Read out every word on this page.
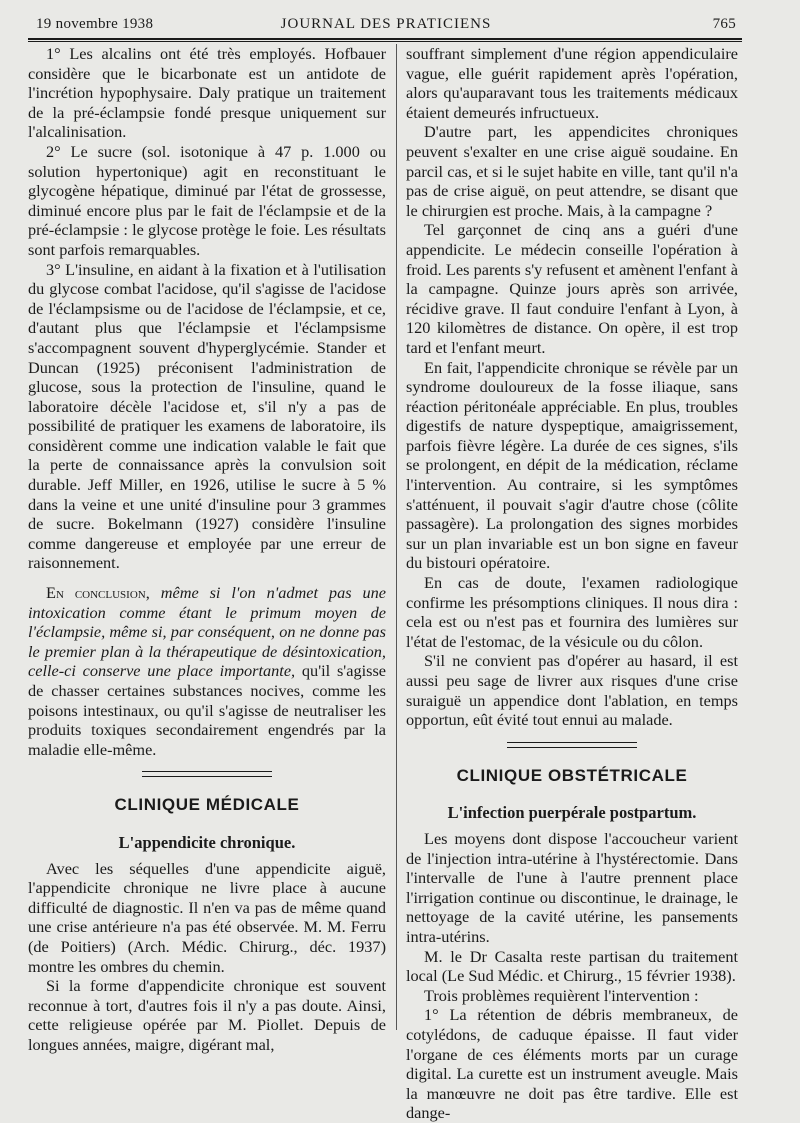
19 novembre 1938	JOURNAL DES PRATICIENS	765

1° Les alcalins ont été très employés. Hofbauer considère que le bicarbonate est un antidote de l'incrétion hypophysaire. Daly pratique un traitement de la pré-éclampsie fondé presque uniquement sur l'alcalinisation.

2° Le sucre (sol. isotonique à 47 p. 1.000 ou solution hypertonique) agit en reconstituant le glycogène hépatique, diminué par l'état de grossesse, diminué encore plus par le fait de l'éclampsie et de la pré-éclampsie : le glycose protège le foie. Les résultats sont parfois remarquables.

3° L'insuline, en aidant à la fixation et à l'utilisation du glycose combat l'acidose, qu'il s'agisse de l'acidose de l'éclampsisme ou de l'acidose de l'éclampsie, et ce, d'autant plus que l'éclampsie et l'éclampsisme s'accompagnent souvent d'hyperglycémie. Stander et Duncan (1925) préconisent l'administration de glucose, sous la protection de l'insuline, quand le laboratoire décèle l'acidose et, s'il n'y a pas de possibilité de pratiquer les examens de laboratoire, ils considèrent comme une indication valable le fait que la perte de connaissance après la convulsion soit durable. Jeff Miller, en 1926, utilise le sucre à 5 % dans la veine et une unité d'insuline pour 3 grammes de sucre. Bokelmann (1927) considère l'insuline comme dangereuse et employée par une erreur de raisonnement.

En conclusion, même si l'on n'admet pas une intoxication comme étant le primum moyen de l'éclampsie, même si, par conséquent, on ne donne pas le premier plan à la thérapeutique de désintoxication, celle-ci conserve une place importante, qu'il s'agisse de chasser certaines substances nocives, comme les poisons intestinaux, ou qu'il s'agisse de neutraliser les produits toxiques secondairement engendrés par la maladie elle-même.

CLINIQUE MÉDICALE

L'appendicite chronique.

Avec les séquelles d'une appendicite aiguë, l'appendicite chronique ne livre place à aucune difficulté de diagnostic. Il n'en va pas de même quand une crise antérieure n'a pas été observée. M. M. Ferru (de Poitiers) (Arch. Médic. Chirurg., déc. 1937) montre les ombres du chemin.

Si la forme d'appendicite chronique est souvent reconnue à tort, d'autres fois il n'y a pas doute. Ainsi, cette religieuse opérée par M. Piollet. Depuis de longues années, maigre, digérant mal,

souffrant simplement d'une région appendiculaire vague, elle guérit rapidement après l'opération, alors qu'auparavant tous les traitements médicaux étaient demeurés infructueux.

D'autre part, les appendicites chroniques peuvent s'exalter en une crise aiguë soudaine. En parcil cas, et si le sujet habite en ville, tant qu'il n'a pas de crise aiguë, on peut attendre, se disant que le chirurgien est proche. Mais, à la campagne ?

Tel garçonnet de cinq ans a guéri d'une appendicite. Le médecin conseille l'opération à froid. Les parents s'y refusent et amènent l'enfant à la campagne. Quinze jours après son arrivée, récidive grave. Il faut conduire l'enfant à Lyon, à 120 kilomètres de distance. On opère, il est trop tard et l'enfant meurt.

En fait, l'appendicite chronique se révèle par un syndrome douloureux de la fosse iliaque, sans réaction péritonéale appréciable. En plus, troubles digestifs de nature dyspeptique, amaigrissement, parfois fièvre légère. La durée de ces signes, s'ils se prolongent, en dépit de la médication, réclame l'intervention. Au contraire, si les symptômes s'atténuent, il pouvait s'agir d'autre chose (côlite passagère). La prolongation des signes morbides sur un plan invariable est un bon signe en faveur du bistouri opératoire.

En cas de doute, l'examen radiologique confirme les présomptions cliniques. Il nous dira : cela est ou n'est pas et fournira des lumières sur l'état de l'estomac, de la vésicule ou du côlon.

S'il ne convient pas d'opérer au hasard, il est aussi peu sage de livrer aux risques d'une crise suraiguë un appendice dont l'ablation, en temps opportun, eût évité tout ennui au malade.

CLINIQUE OBSTÉTRICALE

L'infection puerpérale postpartum.

Les moyens dont dispose l'accoucheur varient de l'injection intra-utérine à l'hystérectomie. Dans l'intervalle de l'une à l'autre prennent place l'irrigation continue ou discontinue, le drainage, le nettoyage de la cavité utérine, les pansements intra-utérins.

M. le Dr Casalta reste partisan du traitement local (Le Sud Médic. et Chirurg., 15 février 1938).

Trois problèmes requièrent l'intervention :

1° La rétention de débris membraneux, de cotylédons, de caduque épaisse. Il faut vider l'organe de ces éléments morts par un curage digital. La curette est un instrument aveugle. Mais la manœuvre ne doit pas être tardive. Elle est dange-
